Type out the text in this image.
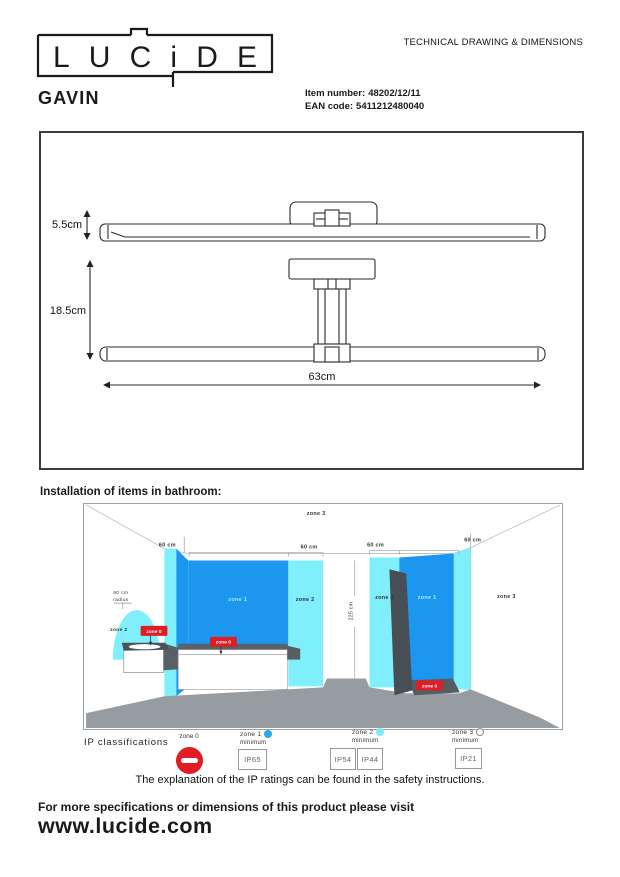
LUCiDE	TECHNICAL DRAWING & DIMENSIONS
GAVIN	Item number: 48202/12/11
EAN code: 5411212480040
5.5cm
18.5cm
63cm
Installation of items in bathroom:
zone 3
60 cm	60 cm	60 cm
60 cm
zone 3
zone 2
zone 2	zone 2
zone 1	zone 1
225 cm
60 cm
radius
zone 0
zone 0
zone 0
IP classifications
zone 0	zone 1
minimum
IP65
zone 2
minimum
IP54	IP44
zone 3
minimum
IP21
The explanation of the IP ratings can be found in the safety instructions.
For more specifications or dimensions of this product please visit
www.lucide.com
